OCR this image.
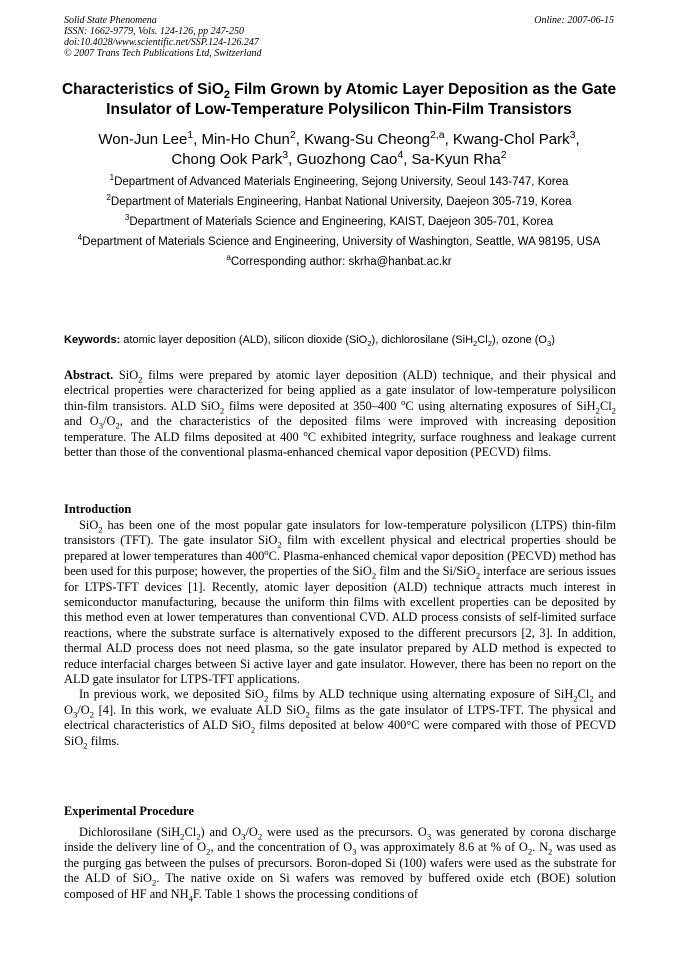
Solid State Phenomena
ISSN: 1662-9779, Vols. 124-126, pp 247-250
doi:10.4028/www.scientific.net/SSP.124-126.247
© 2007 Trans Tech Publications Ltd, Switzerland
Online: 2007-06-15
Characteristics of SiO$_2$ Film Grown by Atomic Layer Deposition as the Gate Insulator of Low-Temperature Polysilicon Thin-Film Transistors
Won-Jun Lee$^1$, Min-Ho Chun$^2$, Kwang-Su Cheong$^{2,a}$, Kwang-Chol Park$^3$,
Chong Ook Park$^3$, Guozhong Cao$^4$, Sa-Kyun Rha$^2$

$^1$Department of Advanced Materials Engineering, Sejong University, Seoul 143-747, Korea

$^2$Department of Materials Engineering, Hanbat National University, Daejeon 305-719, Korea

$^3$Department of Materials Science and Engineering, KAIST, Daejeon 305-701, Korea

$^4$Department of Materials Science and Engineering, University of Washington, Seattle, WA 98195, USA

$^a$Corresponding author: skrha@hanbat.ac.kr

Keywords: atomic layer deposition (ALD), silicon dioxide (SiO$_2$), dichlorosilane $(SiH_2Cl_2)$, ozone $(O_3)$
Abstract. SiO$_2$ films were prepared by atomic layer deposition (ALD) technique, and their physical and electrical properties were characterized for being applied as a gate insulator of low-temperature polysilicon thin-film transistors. ALD SiO$_2$ films were deposited at 350–400 $^o$C using alternating exposures of $SiH_2Cl_2$ and $O_3/O_2$, and the characteristics of the deposited films were improved with increasing deposition temperature. The ALD films deposited at 400 $^o$C exhibited integrity, surface roughness and leakage current better than those of the conventional plasma-enhanced chemical vapor deposition (PECVD) films.
Introduction

SiO$_2$ has been one of the most popular gate insulators for low-temperature polysilicon (LTPS) thin-film transistors (TFT). The gate insulator SiO$_2$ film with excellent physical and electrical properties should be prepared at lower temperatures than 400$^o$C. Plasma-enhanced chemical vapor deposition (PECVD) method has been used for this purpose; however, the properties of the SiO$_2$ film and the Si/SiO$_2$ interface are serious issues for LTPS-TFT devices [1]. Recently, atomic layer deposition (ALD) technique attracts much interest in semiconductor manufacturing, because the uniform thin films with excellent properties can be deposited by this method even at lower temperatures than conventional CVD. ALD process consists of self-limited surface reactions, where the substrate surface is alternatively exposed to the different precursors [2, 3]. In addition, thermal ALD process does not need plasma, so the gate insulator prepared by ALD method is expected to reduce interfacial charges between Si active layer and gate insulator. However, there has been no report on the ALD gate insulator for LTPS-TFT applications.

In previous work, we deposited SiO$_2$ films by ALD technique using alternating exposure of $SiH_2Cl_2$ and $O_3/O_2$ [4]. In this work, we evaluate ALD SiO$_2$ films as the gate insulator of LTPS-TFT. The physical and electrical characteristics of ALD SiO$_2$ films deposited at below 400°C were compared with those of PECVD SiO$_2$ films.

Experimental Procedure

Dichlorosilane $(SiH_2Cl_2)$ and $O_3/O_2$ were used as the precursors. $O_3$ was generated by corona discharge inside the delivery line of $O_2$, and the concentration of $O_3$ was approximately 8.6 at % of $O_2$. $N_2$ was used as the purging gas between the pulses of precursors. Boron-doped Si (100) wafers were used as the substrate for the ALD of SiO$_2$. The native oxide on Si wafers was removed by buffered oxide etch (BOE) solution composed of HF and $NH_4F$. Table 1 shows the processing conditions of
